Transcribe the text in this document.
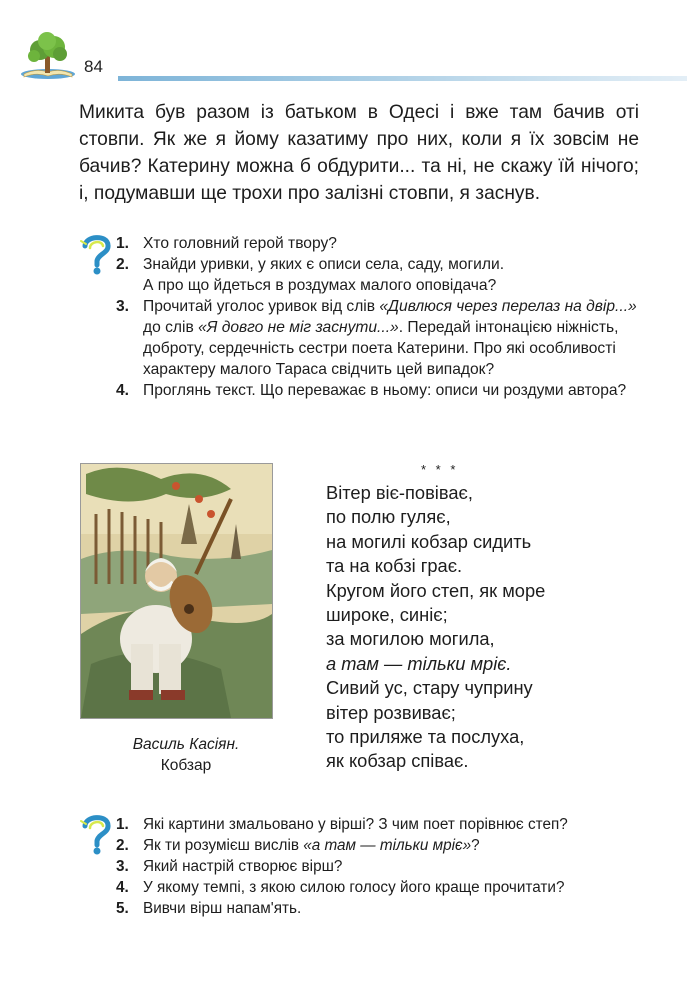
84

Микита був разом із батьком в Одесі і вже там бачив оті стовпи. Як же я йому казатиму про них, коли я їх зовсім не бачив? Катерину можна б обдурити... та ні, не скажу їй нічого; і, подумавши ще трохи про залізні стовпи, я заснув.

1. Хто головний герой твору?
2. Знайди уривки, у яких є описи села, саду, могили.
А про що йдеться в роздумах малого оповідача?
3. Прочитай уголос уривок від слів «Дивлюся через перелаз на двір...» до слів «Я довго не міг заснути...». Передай інтонацією ніжність, доброту, сердечність сестри поета Катерини. Про які особливості характеру малого Тараса свідчить цей випадок?
4. Проглянь текст. Що переважає в ньому: описи чи роздуми автора?
Василь Касіян.
Кобзар
* * *
Вітер віє-повіває,
по полю гуляє,
на могилі кобзар сидить
та на кобзі грає.
Кругом його степ, як море
широке, синіє;
за могилою могила,
а там — тільки мріє.
Сивий ус, стару чуприну
вітер розвиває;
то приляже та послуха,
як кобзар співає.
1. Які картини змальовано у вірші? З чим поет порівнює степ?
2. Як ти розумієш вислів «а там — тільки мріє»?
3. Який настрій створює вірш?
4. У якому темпі, з якою силою голосу його краще прочитати?
5. Вивчи вірш напам'ять.
